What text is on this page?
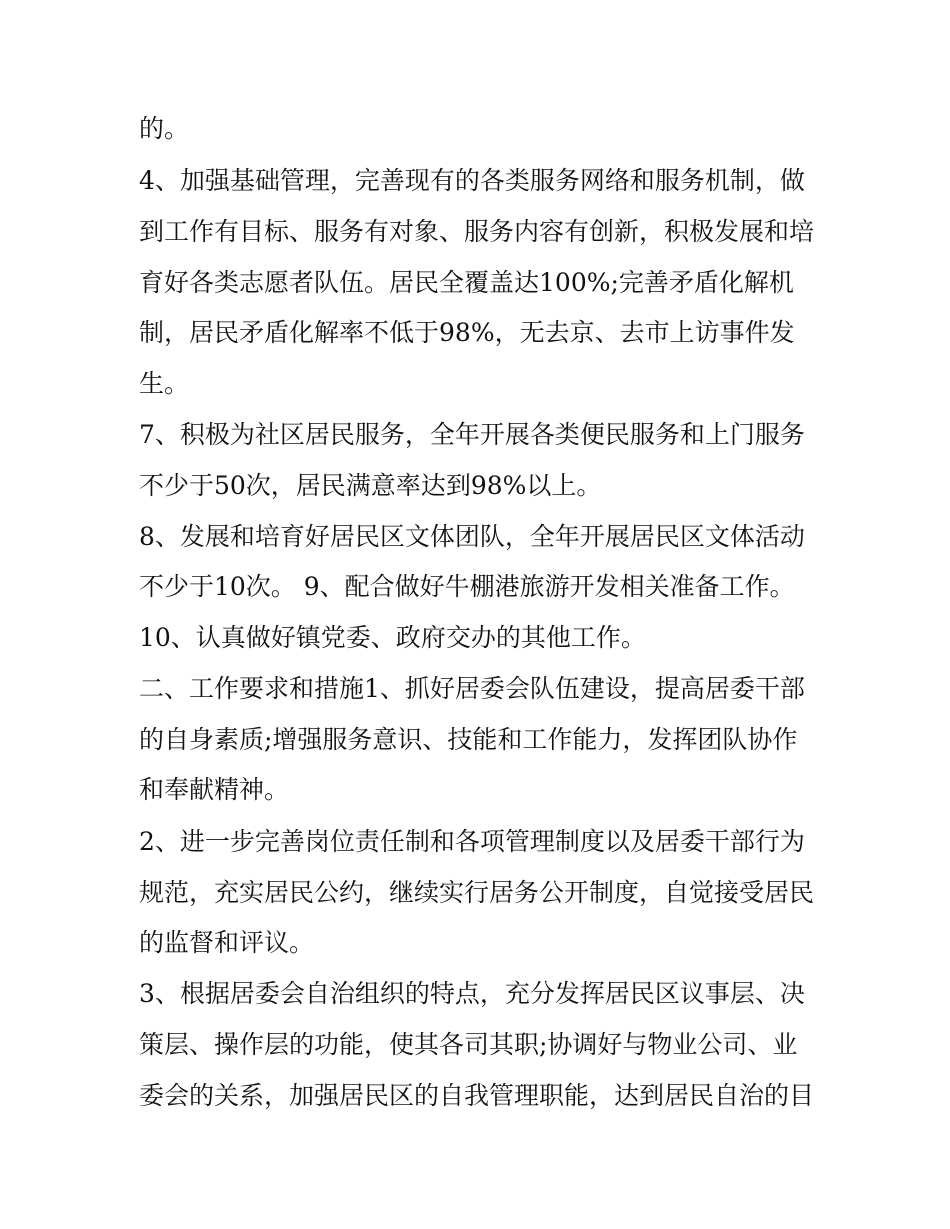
的。
4、加强基础管理，完善现有的各类服务网络和服务机制，做
到工作有目标、服务有对象、服务内容有创新，积极发展和培
育好各类志愿者队伍。居民全覆盖达100%;完善矛盾化解机
制，居民矛盾化解率不低于98%，无去京、去市上访事件发
生。
7、积极为社区居民服务，全年开展各类便民服务和上门服务
不少于50次，居民满意率达到98%以上。
8、发展和培育好居民区文体团队，全年开展居民区文体活动
不少于10次。 9、配合做好牛棚港旅游开发相关准备工作。
10、认真做好镇党委、政府交办的其他工作。
二、工作要求和措施1、抓好居委会队伍建设，提高居委干部
的自身素质;增强服务意识、技能和工作能力，发挥团队协作
和奉献精神。
2、进一步完善岗位责任制和各项管理制度以及居委干部行为
规范，充实居民公约，继续实行居务公开制度，自觉接受居民
的监督和评议。
3、根据居委会自治组织的特点，充分发挥居民区议事层、决
策层、操作层的功能，使其各司其职;协调好与物业公司、业
委会的关系，加强居民区的自我管理职能，达到居民自治的目
